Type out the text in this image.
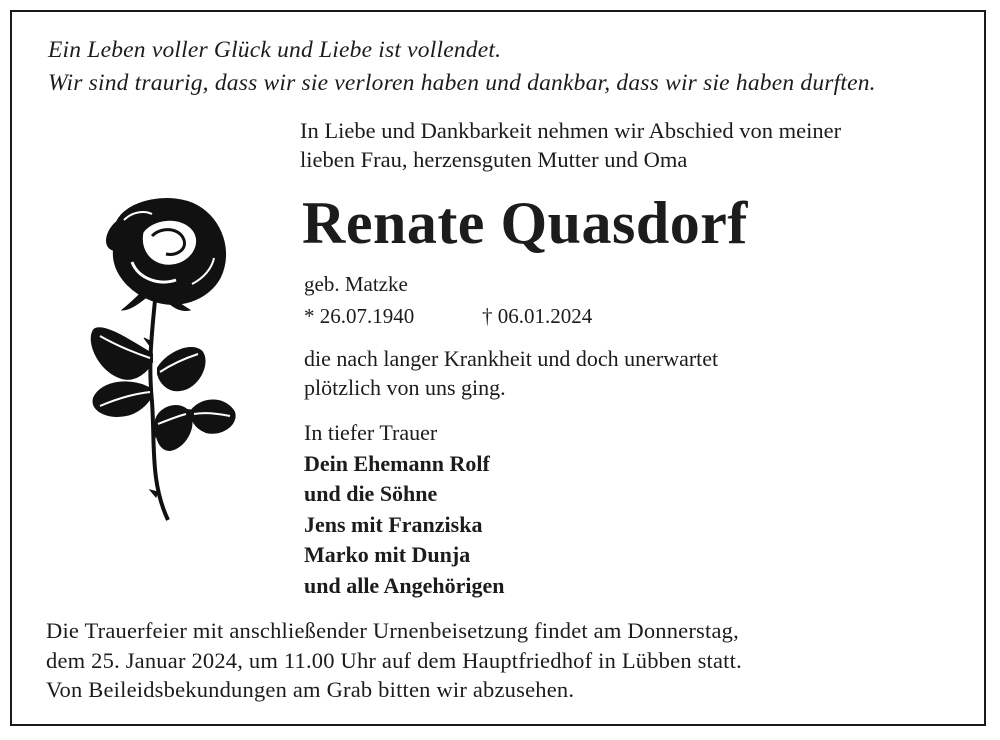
Ein Leben voller Glück und Liebe ist vollendet.
Wir sind traurig, dass wir sie verloren haben und dankbar, dass wir sie haben durften.
In Liebe und Dankbarkeit nehmen wir Abschied von meiner
lieben Frau, herzensguten Mutter und Oma
Renate Quasdorf
geb. Matzke
* 26.07.1940	† 06.01.2024
die nach langer Krankheit und doch unerwartet
plötzlich von uns ging.
In tiefer Trauer
Dein Ehemann Rolf
und die Söhne
Jens mit Franziska
Marko mit Dunja
und alle Angehörigen
Die Trauerfeier mit anschließender Urnenbeisetzung findet am Donnerstag,
dem 25. Januar 2024, um 11.00 Uhr auf dem Hauptfriedhof in Lübben statt.
Von Beileidsbekundungen am Grab bitten wir abzusehen.
